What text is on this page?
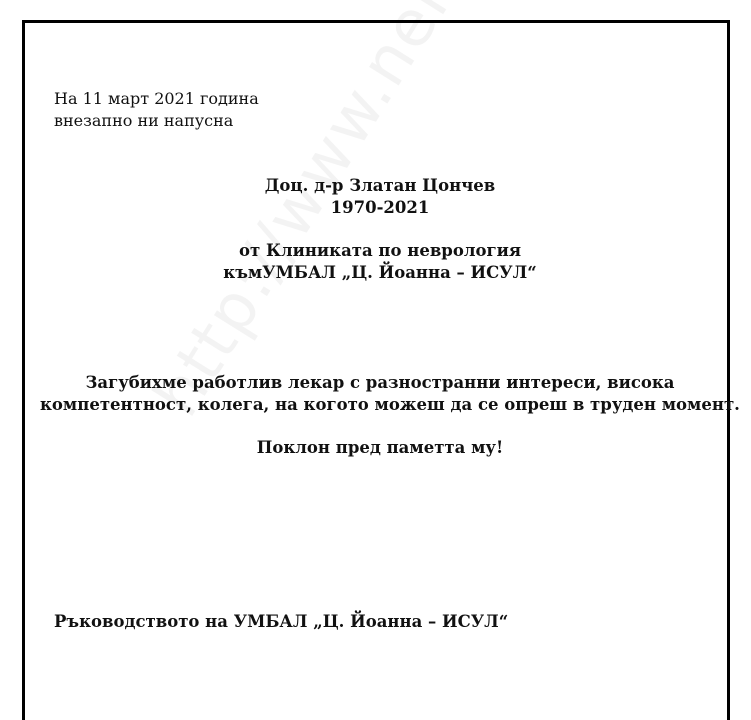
На 11 март 2021 година
внезапно ни напусна
Доц. д-р Златан Цончев
1970-2021
от Клиниката по неврология
къмУМБАЛ „Ц. Йоанна – ИСУЛ“
Загубихме работлив лекар с разностранни интереси, висока
компетентност, колега, на когото можеш да се опреш в труден момент.
Поклон пред паметта му!
Ръководството на УМБАЛ „Ц. Йоанна – ИСУЛ“
